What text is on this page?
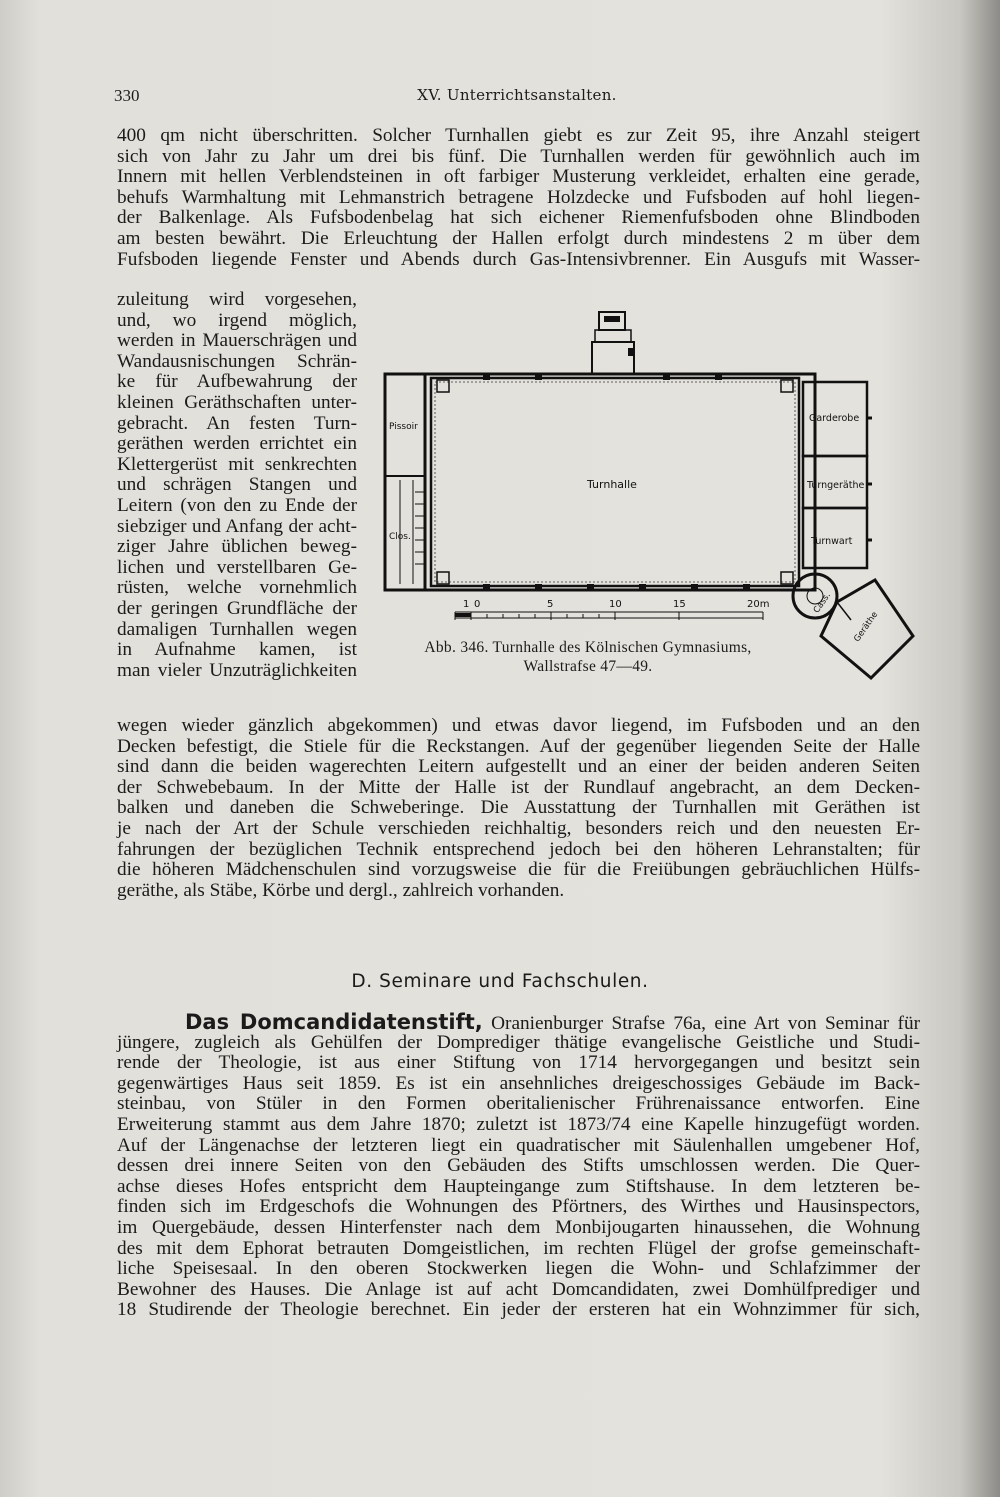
330	XV. Unterrichtsanstalten.
400 qm nicht überschritten. Solcher Turnhallen giebt es zur Zeit 95, ihre Anzahl steigert
sich von Jahr zu Jahr um drei bis fünf. Die Turnhallen werden für gewöhnlich auch im
Innern mit hellen Verblendsteinen in oft farbiger Musterung verkleidet, erhalten eine gerade,
behufs Warmhaltung mit Lehmanstrich betragene Holzdecke und Fufsboden auf hohl liegen-
der Balkenlage. Als Fufsbodenbelag hat sich eichener Riemenfufsboden ohne Blindboden
am besten bewährt. Die Erleuchtung der Hallen erfolgt durch mindestens 2 m über dem
Fufsboden liegende Fenster und Abends durch Gas-Intensivbrenner. Ein Ausgufs mit Wasser-
zuleitung wird vorgesehen,
und, wo irgend möglich,
werden in Mauerschrägen und
Wandausnischungen Schrän-
ke für Aufbewahrung der
kleinen Geräthschaften unter-
gebracht. An festen Turn-
geräthen werden errichtet ein
Klettergerüst mit senkrechten
und schrägen Stangen und
Leitern (von den zu Ende der
siebziger und Anfang der acht-
ziger Jahre üblichen beweg-
lichen und verstellbaren Ge-
rüsten, welche vornehmlich
der geringen Grundfläche der
damaligen Turnhallen wegen
in Aufnahme kamen, ist
man vieler Unzuträglichkeiten
Turnhalle
Pissoir
Clos.
Garderobe
Turngeräthe
Turnwart
Cass.
Geräthe
1 0	5	10	15	20m
Abb. 346. Turnhalle des Kölnischen Gymnasiums,
Wallstrafse 47—49.
wegen wieder gänzlich abgekommen) und etwas davor liegend, im Fufsboden und an den
Decken befestigt, die Stiele für die Reckstangen. Auf der gegenüber liegenden Seite der Halle
sind dann die beiden wagerechten Leitern aufgestellt und an einer der beiden anderen Seiten
der Schwebebaum. In der Mitte der Halle ist der Rundlauf angebracht, an dem Decken-
balken und daneben die Schweberinge. Die Ausstattung der Turnhallen mit Geräthen ist
je nach der Art der Schule verschieden reichhaltig, besonders reich und den neuesten Er-
fahrungen der bezüglichen Technik entsprechend jedoch bei den höheren Lehranstalten; für
die höheren Mädchenschulen sind vorzugsweise die für die Freiübungen gebräuchlichen Hülfs-
geräthe, als Stäbe, Körbe und dergl., zahlreich vorhanden.
D. Seminare und Fachschulen.
Das Domcandidatenstift, Oranienburger Strafse 76a, eine Art von Seminar für
jüngere, zugleich als Gehülfen der Domprediger thätige evangelische Geistliche und Studi-
rende der Theologie, ist aus einer Stiftung von 1714 hervorgegangen und besitzt sein
gegenwärtiges Haus seit 1859. Es ist ein ansehnliches dreigeschossiges Gebäude im Back-
steinbau, von Stüler in den Formen oberitalienischer Frührenaissance entworfen. Eine
Erweiterung stammt aus dem Jahre 1870; zuletzt ist 1873/74 eine Kapelle hinzugefügt worden.
Auf der Längenachse der letzteren liegt ein quadratischer mit Säulenhallen umgebener Hof,
dessen drei innere Seiten von den Gebäuden des Stifts umschlossen werden. Die Quer-
achse dieses Hofes entspricht dem Haupteingange zum Stiftshause. In dem letzteren be-
finden sich im Erdgeschofs die Wohnungen des Pförtners, des Wirthes und Hausinspectors,
im Quergebäude, dessen Hinterfenster nach dem Monbijougarten hinaussehen, die Wohnung
des mit dem Ephorat betrauten Domgeistlichen, im rechten Flügel der grofse gemeinschaft-
liche Speisesaal. In den oberen Stockwerken liegen die Wohn- und Schlafzimmer der
Bewohner des Hauses. Die Anlage ist auf acht Domcandidaten, zwei Domhülfprediger und
18 Studirende der Theologie berechnet. Ein jeder der ersteren hat ein Wohnzimmer für sich,
